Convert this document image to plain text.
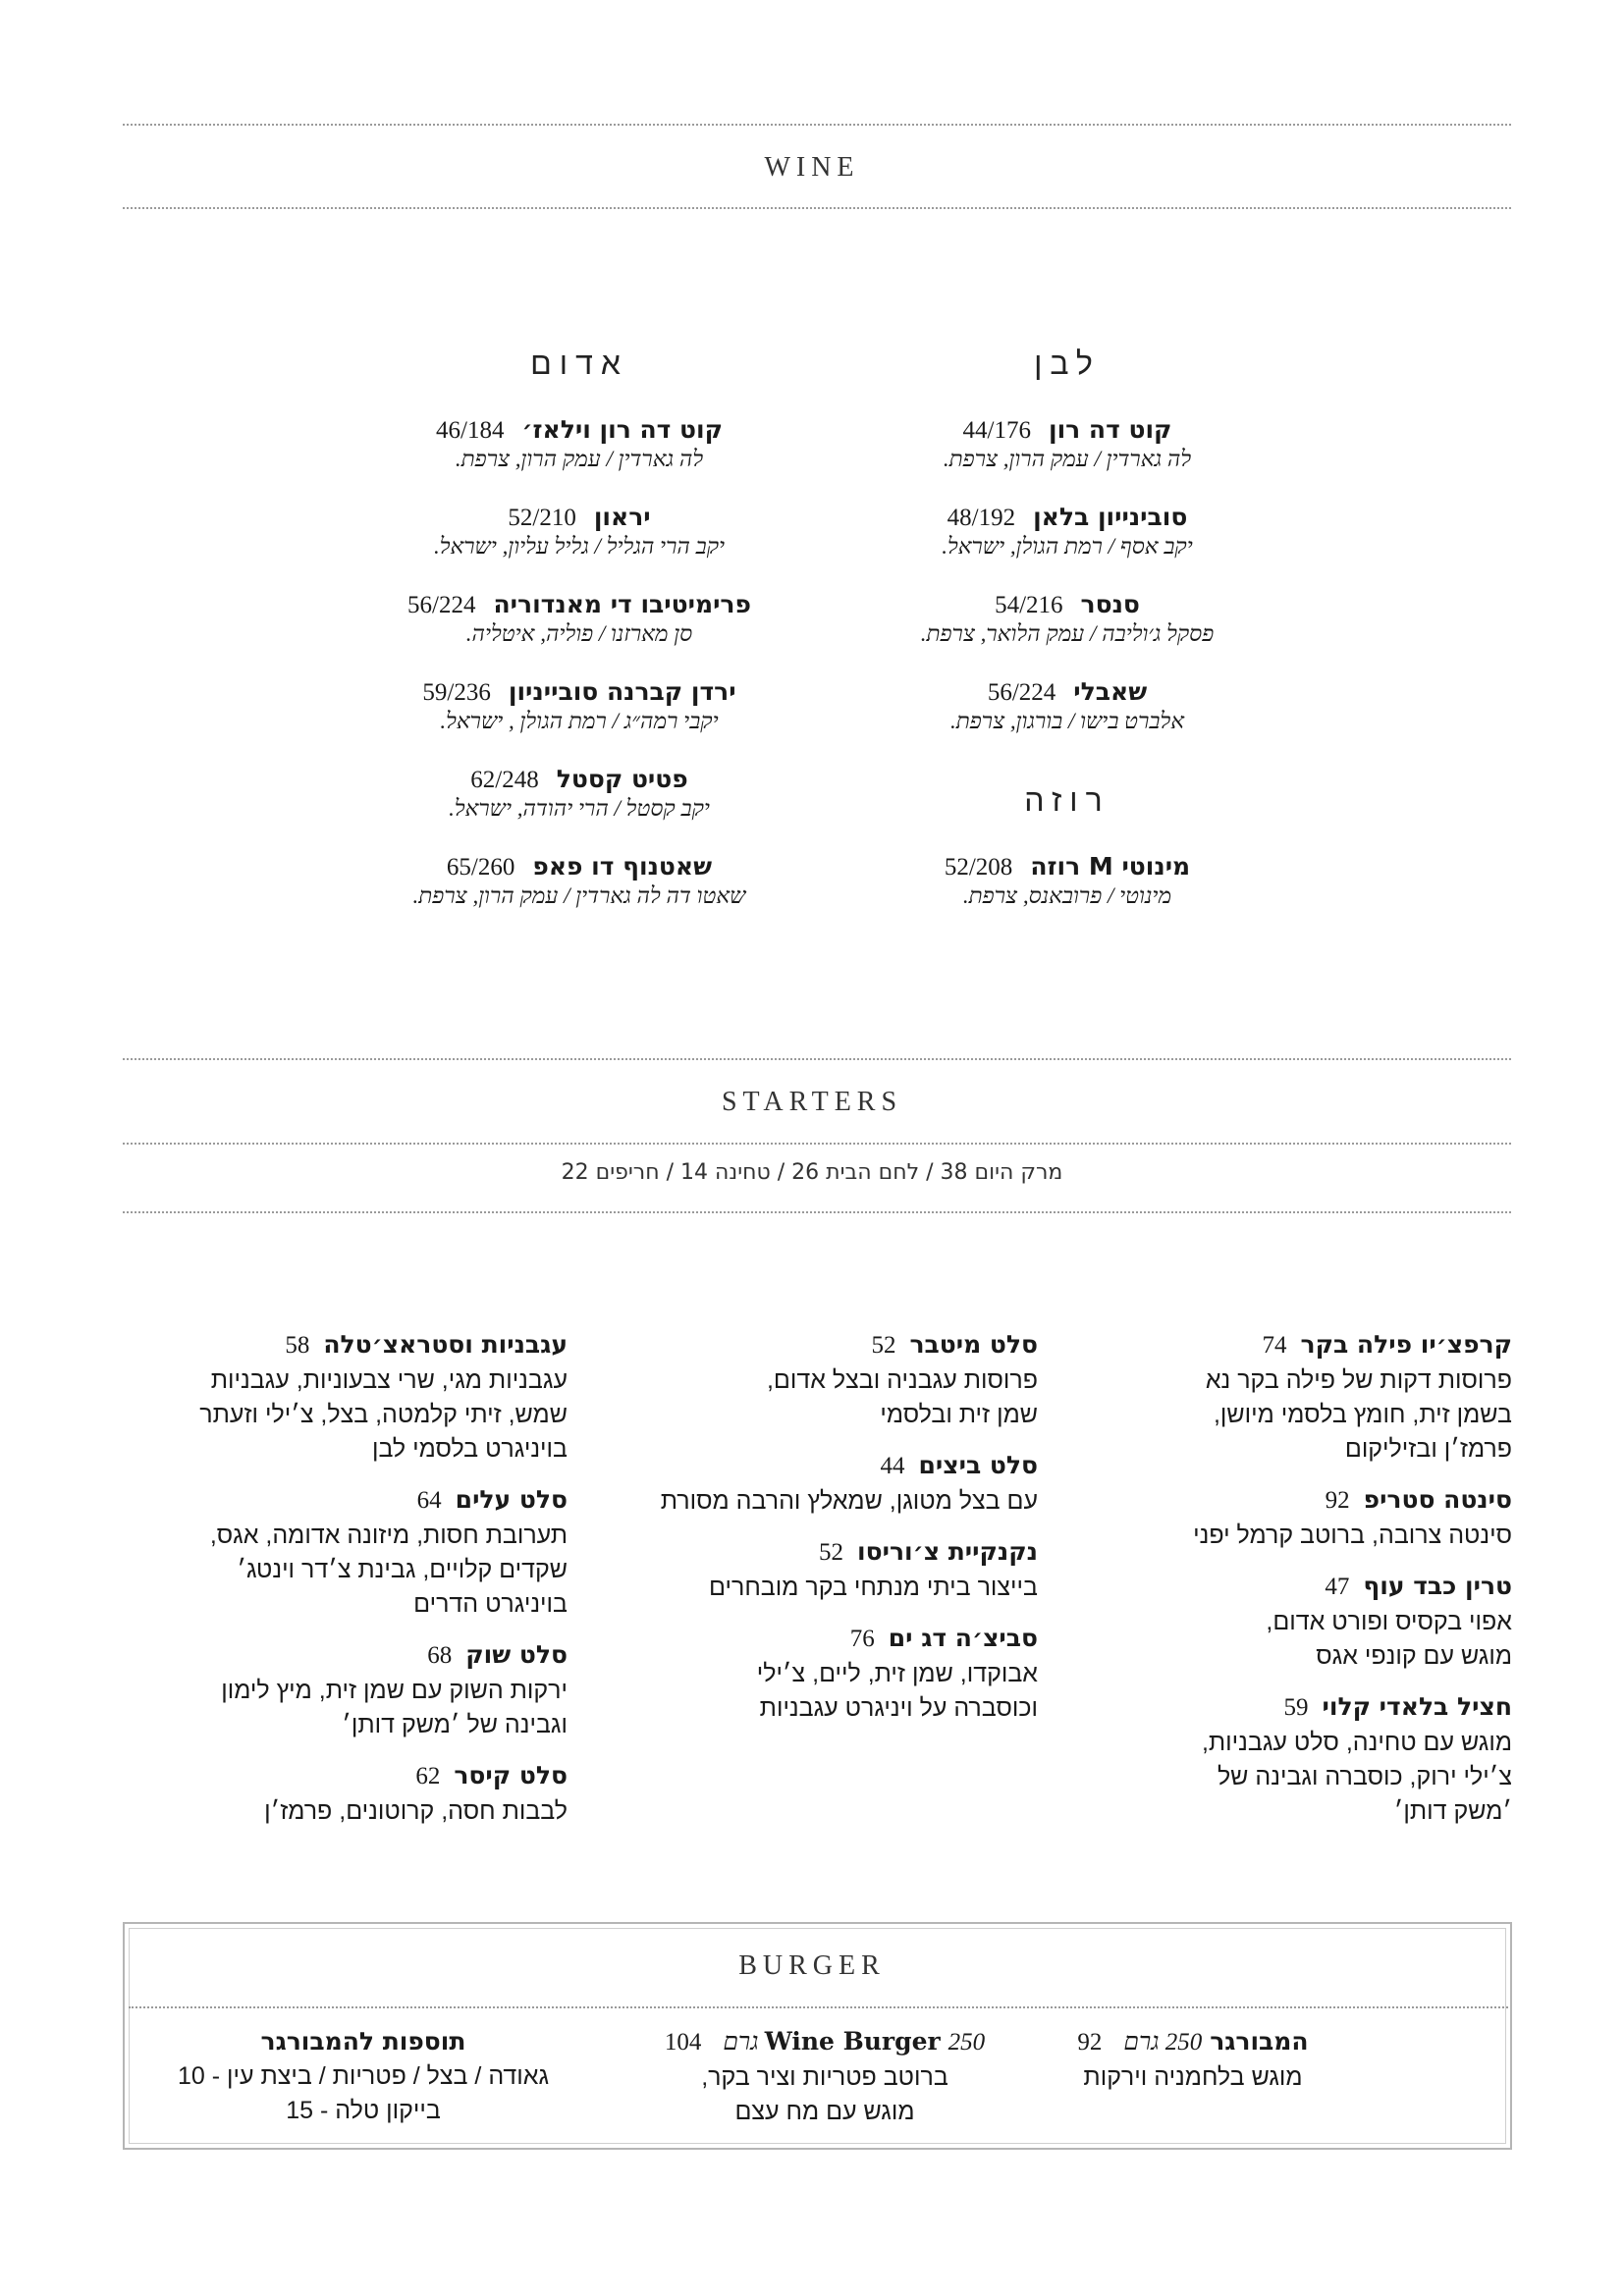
WINE
לבן
קוט דה רון44/176
לה גארדין / עמק הרון, צרפת.
סובינייון בלאן48/192
יקב אסף / רמת הגולן, ישראל.
סנסר54/216
פסקל ג׳וליבה / עמק הלואר, צרפת.
שאבלי56/224
אלברט בישו / בורגון, צרפת.
רוזה
מינוטי M רוזה52/208
מינוטי / פרובאנס, צרפת.
אדום
קוט דה רון וילאז׳46/184
לה גארדין / עמק הרון, צרפת.
יראון52/210
יקב הרי הגליל / גליל עליון, ישראל.
פרימיטיבו די מאנדוריה56/224
סן מארזנו / פוליה, איטליה.
ירדן קברנה סובייניון59/236
יקבי רמה״ג / רמת הגולן , ישראל.
פטיט קסטל62/248
יקב קסטל / הרי יהודה, ישראל.
שאטנוף דו פאפ65/260
שאטו דה לה גארדין / עמק הרון, צרפת.
STARTERS
מרק היום 38 / לחם הבית 26 / טחינה 14 / חריפים 22
קרפצ׳יו פילה בקר74
פרוסות דקות של פילה בקר נא
בשמן זית, חומץ בלסמי מיושן,
פרמז׳ן ובזיליקום
סינטה סטריפ92
סינטה צרובה, ברוטב קרמל יפני
טרין כבד עוף47
אפוי בקסיס ופורט אדום,
מוגש עם קונפי אגס
חציל בלאדי קלוי59
מוגש עם טחינה, סלט עגבניות,
צ׳ילי ירוק, כוסברה וגבינה של
׳משק דותן׳
סלט מיטבר52
פרוסות עגבניה ובצל אדום,
שמן זית ובלסמי
סלט ביצים44
עם בצל מטוגן, שמאלץ והרבה מסורת
נקנקיית צ׳וריסו52
בייצור ביתי מנתחי בקר מובחרים
סביצ׳ה דג ים76
אבוקדו, שמן זית, ליים, צ׳ילי
וכוסברה על ויניגרט עגבניות
עגבניות וסטראצ׳טלה58
עגבניות מגי, שרי צבעוניות, עגבניות
שמש, זיתי קלמטה, בצל, צ׳ילי וזעתר
בויניגרט בלסמי לבן
סלט עלים64
תערובת חסות, מיזונה אדומה, אגס,
שקדים קלויים, גבינת צ׳דר וינטג׳
בויניגרט הדרים
סלט שוק68
ירקות השוק עם שמן זית, מיץ לימון
וגבינה של ׳משק דותן׳
סלט קיסר62
לבבות חסה, קרוטונים, פרמז׳ן
BURGER
המבורגר 250 גרם 92
מוגש בלחמניה וירקות
Wine Burger 250 גרם 104
ברוטב פטריות וציר בקר,
מוגש עם מח עצם
תוספות להמבורגר
גאודה / בצל / פטריות / ביצת עין - 10
בייקון טלה - 15
